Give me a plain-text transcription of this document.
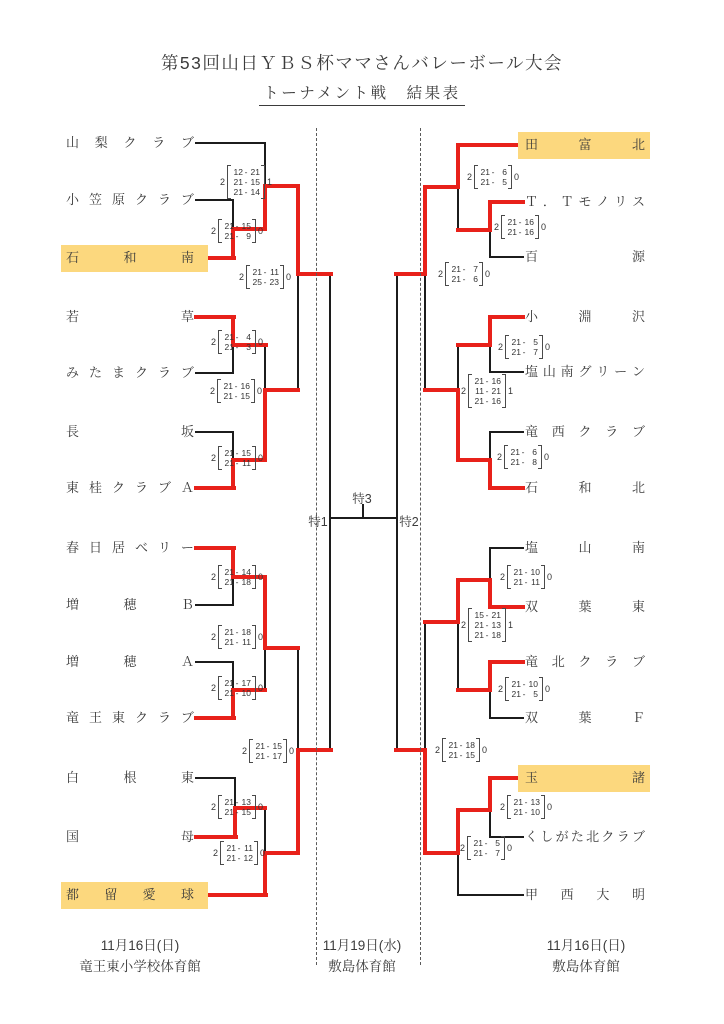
第53回山日ＹＢＳ杯ママさんバレーボール大会
トーナメント戦　結果表
山 梨 ク ラ ブ
小 笠 原 ク ラ ブ
石	和	南
若	草
み た ま ク ラ ブ
長	坂
東 桂 ク ラ ブ Ａ
春 日 居 ベ リ ー
増	穂	Ｂ
増	穂	Ａ
竜 王 東 ク ラ ブ
白	根	東
国	母
都 留 愛 球
田	富	北
Ｔ ． Ｔ モ ノ リ ス
百	源
小	淵	沢
塩 山 南 グ リ ー ン
竜 西 ク ラ ブ
石	和	北
塩	山	南
双	葉	東
竜 北 ク ラ ブ
双	葉	Ｆ
玉	諸
く し が た 北 ク ラ ブ
甲 西 大 明
2 21 - 15
21 - 9 0
2
12 - 21
21 - 15
21 - 14
1
2 21 - 4
21 - 3 0
2 21 - 15
21 - 11 0
2 21 - 16
21 - 15 0
2 21 - 11
25 - 23 0
2 21 - 14
21 - 18 0
2 21 - 17
21 - 10 0
2 21 - 18
21 - 11 0
2 21 - 13
21 - 15 0
2 21 - 11
21 - 12 0
2 21 - 15
21 - 17 0
2 21 - 6
21 - 5 0
2 21 - 16
21 - 16 0
2 21 - 5
21 - 7 0
2 21 - 6
21 - 8 0
2
21 - 16
11 - 21
21 - 16
1
2 21 - 7
21 - 6 0
2 21 - 10
21 - 11 0
2 21 - 10
21 - 5 0
2
15 - 21
21 - 13
21 - 18
1
2 21 - 13
21 - 10 0
2 21 - 5
21 - 7 0
2 21 - 18
21 - 15 0
特1	特2
特3
11月16日(日)
竜王東小学校体育館
11月19日(水)
敷島体育館
11月16日(日)
敷島体育館
